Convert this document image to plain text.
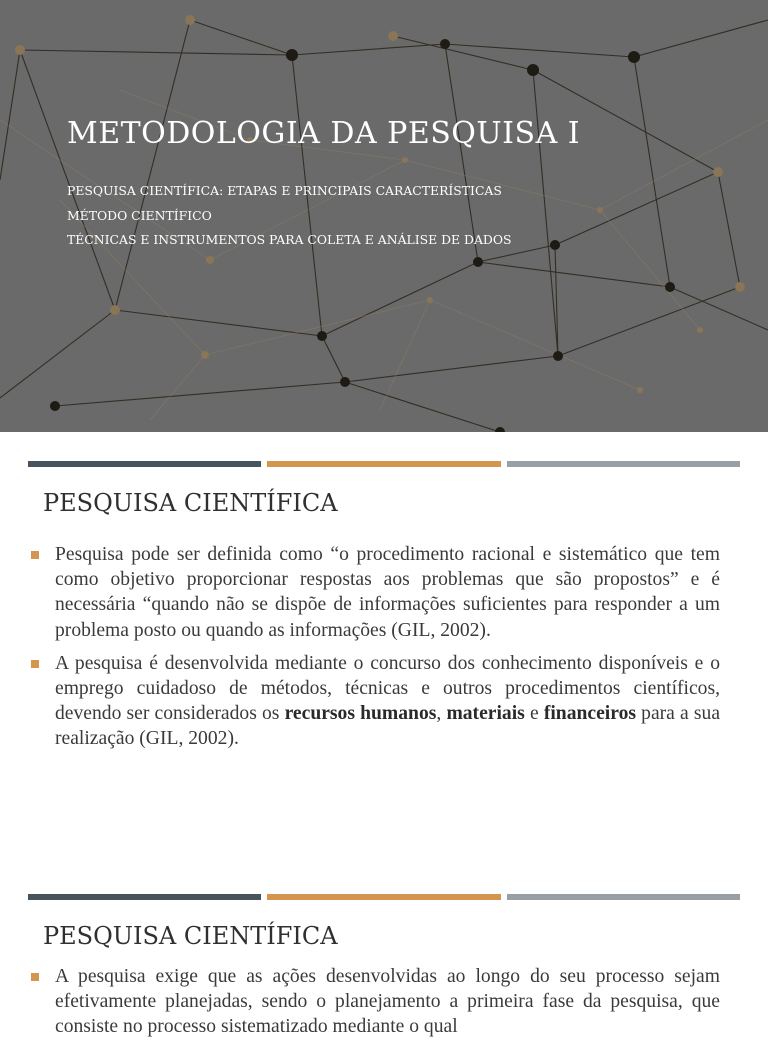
METODOLOGIA DA PESQUISA I
PESQUISA CIENTÍFICA: ETAPAS E PRINCIPAIS CARACTERÍSTICAS
MÉTODO CIENTÍFICO
TÉCNICAS E INSTRUMENTOS PARA COLETA E ANÁLISE DE DADOS
PESQUISA CIENTÍFICA

Pesquisa pode ser definida como “o procedimento racional e sistemático que tem como objetivo proporcionar respostas aos problemas que são propostos” e é necessária “quando não se dispõe de informações suficientes para responder a um problema posto ou quando as informações (GIL, 2002).

A pesquisa é desenvolvida mediante o concurso dos conhecimento disponíveis e o emprego cuidadoso de métodos, técnicas e outros procedimentos científicos, devendo ser considerados os recursos humanos, materiais e financeiros para a sua realização (GIL, 2002).

PESQUISA CIENTÍFICA

A pesquisa exige que as ações desenvolvidas ao longo do seu processo sejam efetivamente planejadas, sendo o planejamento a primeira fase da pesquisa, que consiste no processo sistematizado mediante o qual
